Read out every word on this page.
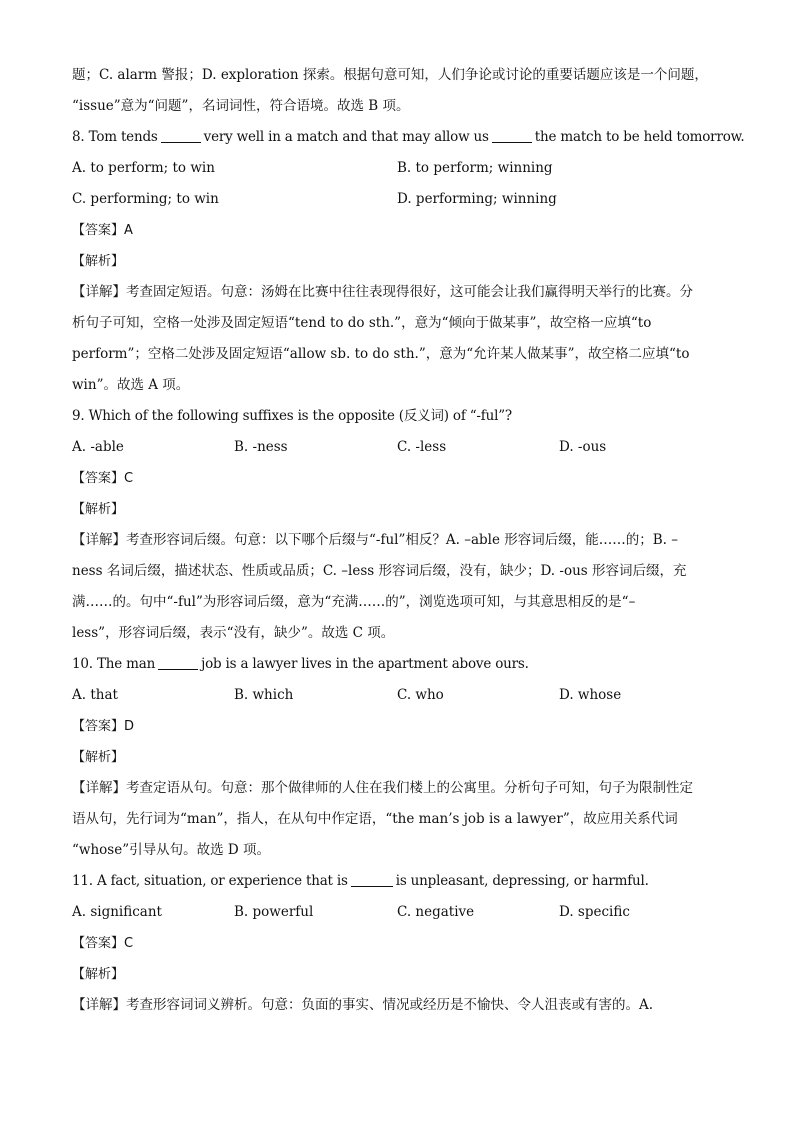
题；C. alarm 警报；D. exploration 探索。根据句意可知，人们争论或讨论的重要话题应该是一个问题，
“issue”意为“问题”，名词词性，符合语境。故选 B 项。
8. Tom tends	very well in a match and that may allow us	the match to be held tomorrow.
A. to perform; to win	B. to perform; winning
C. performing; to win	D. performing; winning
【答案】A
【解析】
【详解】考查固定短语。句意：汤姆在比赛中往往表现得很好，这可能会让我们赢得明天举行的比赛。分
析句子可知，空格一处涉及固定短语“tend to do sth.”，意为“倾向于做某事”，故空格一应填“to
perform”；空格二处涉及固定短语“allow sb. to do sth.”，意为“允许某人做某事”，故空格二应填“to
win”。故选 A 项。
9. Which of the following suffixes is the opposite (反义词) of “-ful”?
A. -able	B. -ness	C. -less	D. -ous
【答案】C
【解析】
【详解】考查形容词后缀。句意：以下哪个后缀与“-ful”相反？A. –able 形容词后缀，能……的；B. –
ness 名词后缀，描述状态、性质或品质；C. –less 形容词后缀，没有，缺少；D. -ous 形容词后缀，充
满……的。句中“-ful”为形容词后缀，意为“充满……的”，浏览选项可知，与其意思相反的是“–
less”，形容词后缀，表示“没有，缺少”。故选 C 项。
10. The man	job is a lawyer lives in the apartment above ours.
A. that	B. which	C. who	D. whose
【答案】D
【解析】
【详解】考查定语从句。句意：那个做律师的人住在我们楼上的公寓里。分析句子可知，句子为限制性定
语从句，先行词为“man”，指人，在从句中作定语，“the man’s job is a lawyer”，故应用关系代词
“whose”引导从句。故选 D 项。
11. A fact, situation, or experience that is	is unpleasant, depressing, or harmful.
A. significant	B. powerful	C. negative	D. specific
【答案】C
【解析】
【详解】考查形容词词义辨析。句意：负面的事实、情况或经历是不愉快、令人沮丧或有害的。A.
